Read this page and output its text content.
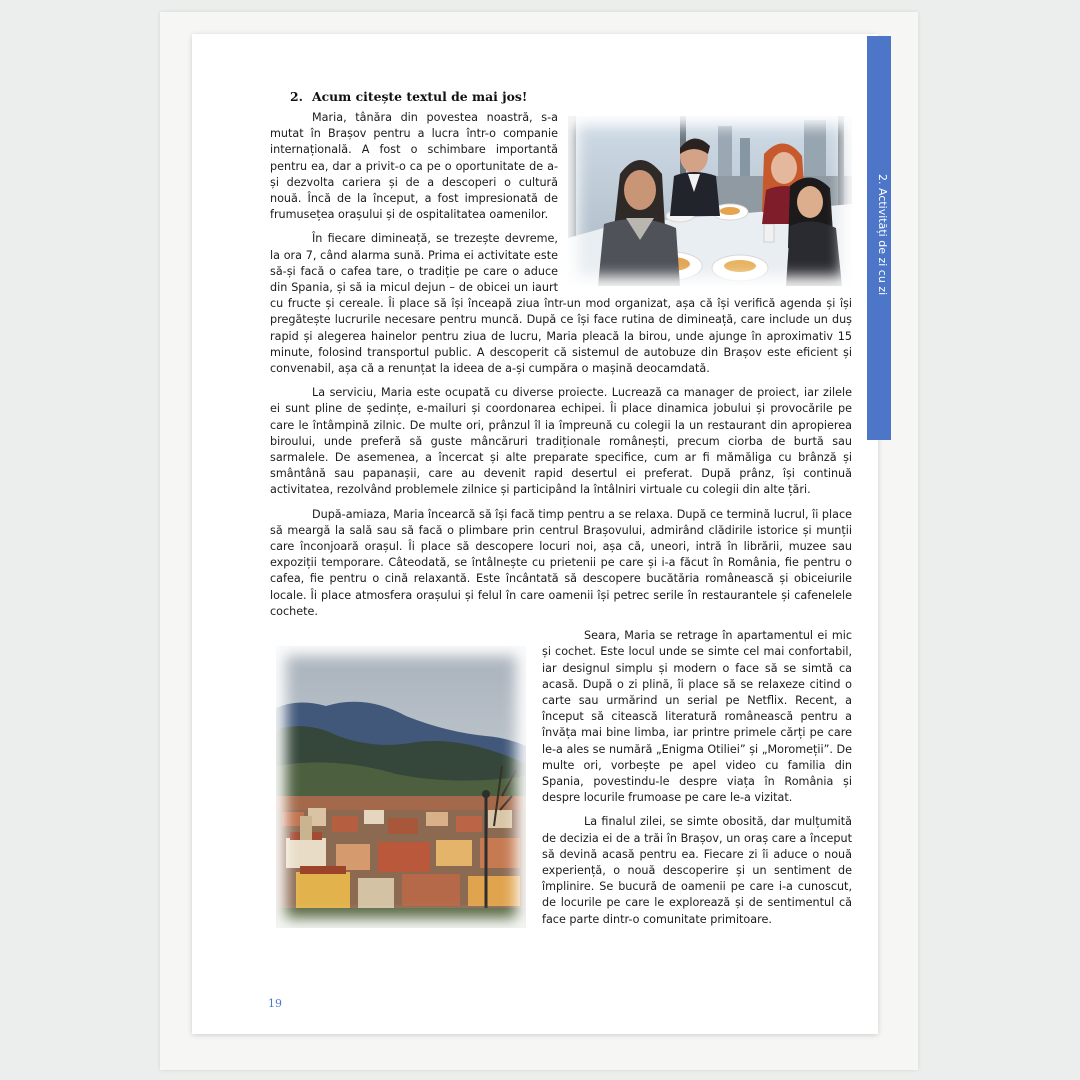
2. Activități de zi cu zi
2. Acum citește textul de mai jos!

Maria, tânăra din povestea noastră, s-a mutat în Brașov pentru a lucra într-o companie internațională. A fost o schimbare importantă pentru ea, dar a privit-o ca pe o oportunitate de a-și dezvolta cariera și de a descoperi o cultură nouă. Încă de la început, a fost impresionată de frumusețea orașului și de ospitalitatea oamenilor.

În fiecare dimineață, se trezește devreme, la ora 7, când alarma sună. Prima ei activitate este să-și facă o cafea tare, o tradiție pe care o aduce din Spania, și să ia micul dejun – de obicei un iaurt cu fructe și cereale. Îi place să își înceapă ziua într-un mod organizat, așa că își verifică agenda și își pregătește lucrurile necesare pentru muncă. După ce își face rutina de dimineață, care include un duș rapid și alegerea hainelor pentru ziua de lucru, Maria pleacă la birou, unde ajunge în aproximativ 15 minute, folosind transportul public. A descoperit că sistemul de autobuze din Brașov este eficient și convenabil, așa că a renunțat la ideea de a-și cumpăra o mașină deocamdată.

La serviciu, Maria este ocupată cu diverse proiecte. Lucrează ca manager de proiect, iar zilele ei sunt pline de ședințe, e-mailuri și coordonarea echipei. Îi place dinamica jobului și provocările pe care le întâmpină zilnic. De multe ori, prânzul îl ia împreună cu colegii la un restaurant din apropierea biroului, unde preferă să guste mâncăruri tradiționale românești, precum ciorba de burtă sau sarmalele. De asemenea, a încercat și alte preparate specifice, cum ar fi mămăliga cu brânză și smântână sau papanașii, care au devenit rapid desertul ei preferat. După prânz, își continuă activitatea, rezolvând problemele zilnice și participând la întâlniri virtuale cu colegii din alte țări.

După-amiaza, Maria încearcă să își facă timp pentru a se relaxa. După ce termină lucrul, îi place să meargă la sală sau să facă o plimbare prin centrul Brașovului, admirând clădirile istorice și munții care înconjoară orașul. Îi place să descopere locuri noi, așa că, uneori, intră în librării, muzee sau expoziții temporare. Câteodată, se întâlnește cu prietenii pe care și i-a făcut în România, fie pentru o cafea, fie pentru o cină relaxantă. Este încântată să descopere bucătăria românească și obiceiurile locale. Îi place atmosfera orașului și felul în care oamenii își petrec serile în restaurantele și cafenelele cochete.

Seara, Maria se retrage în apartamentul ei mic și cochet. Este locul unde se simte cel mai confortabil, iar designul simplu și modern o face să se simtă ca acasă. După o zi plină, îi place să se relaxeze citind o carte sau urmărind un serial pe Netflix. Recent, a început să citească literatură românească pentru a învăța mai bine limba, iar printre primele cărți pe care le-a ales se numără „Enigma Otiliei” și „Moromeții”. De multe ori, vorbește pe apel video cu familia din Spania, povestindu-le despre viața în România și despre locurile frumoase pe care le-a vizitat.

La finalul zilei, se simte obosită, dar mulțumită de decizia ei de a trăi în Brașov, un oraș care a început să devină acasă pentru ea. Fiecare zi îi aduce o nouă experiență, o nouă descoperire și un sentiment de împlinire. Se bucură de oamenii pe care i-a cunoscut, de locurile pe care le explorează și de sentimentul că face parte dintr-o comunitate primitoare.

19
